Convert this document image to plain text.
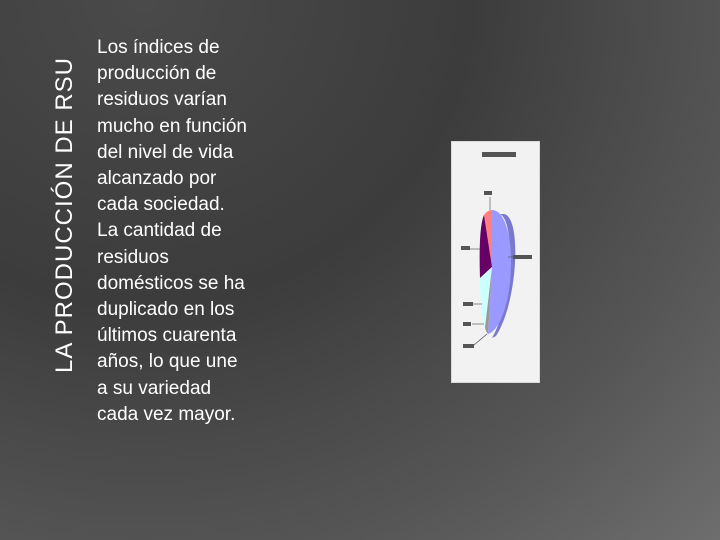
LA PRODUCCIÓN DE RSU
Los índices de
producción de
residuos varían
mucho en función
del nivel de vida
alcanzado por
cada sociedad.
La cantidad de
residuos
domésticos se ha
duplicado en los
últimos cuarenta
años, lo que une
a su variedad
cada vez mayor.
